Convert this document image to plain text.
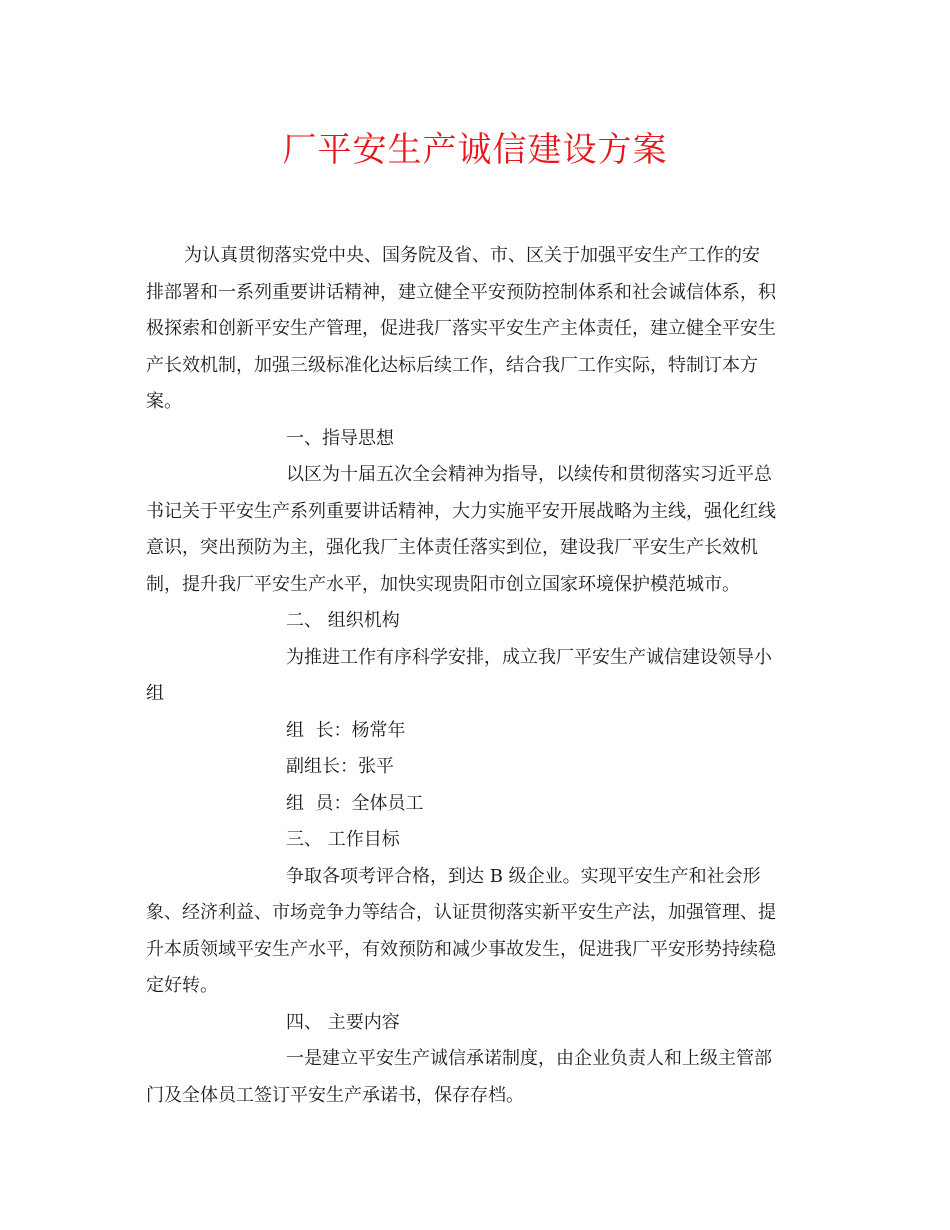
厂平安生产诚信建设方案
为认真贯彻落实党中央、国务院及省、市、区关于加强平安生产工作的安
排部署和一系列重要讲话精神，建立健全平安预防控制体系和社会诚信体系，积
极探索和创新平安生产管理，促进我厂落实平安生产主体责任，建立健全平安生
产长效机制，加强三级标准化达标后续工作，结合我厂工作实际，特制订本方
案。
一、指导思想
以区为十届五次全会精神为指导，以续传和贯彻落实习近平总
书记关于平安生产系列重要讲话精神，大力实施平安开展战略为主线，强化红线
意识，突出预防为主，强化我厂主体责任落实到位，建设我厂平安生产长效机
制，提升我厂平安生产水平，加快实现贵阳市创立国家环境保护模范城市。
二、 组织机构
为推进工作有序科学安排，成立我厂平安生产诚信建设领导小
组
组  长：杨常年
副组长：张平
组  员：全体员工
三、 工作目标
争取各项考评合格，到达 B 级企业。实现平安生产和社会形
象、经济利益、市场竞争力等结合，认证贯彻落实新平安生产法，加强管理、提
升本质领域平安生产水平，有效预防和减少事故发生，促进我厂平安形势持续稳
定好转。
四、 主要内容
一是建立平安生产诚信承诺制度，由企业负责人和上级主管部
门及全体员工签订平安生产承诺书，保存存档。
